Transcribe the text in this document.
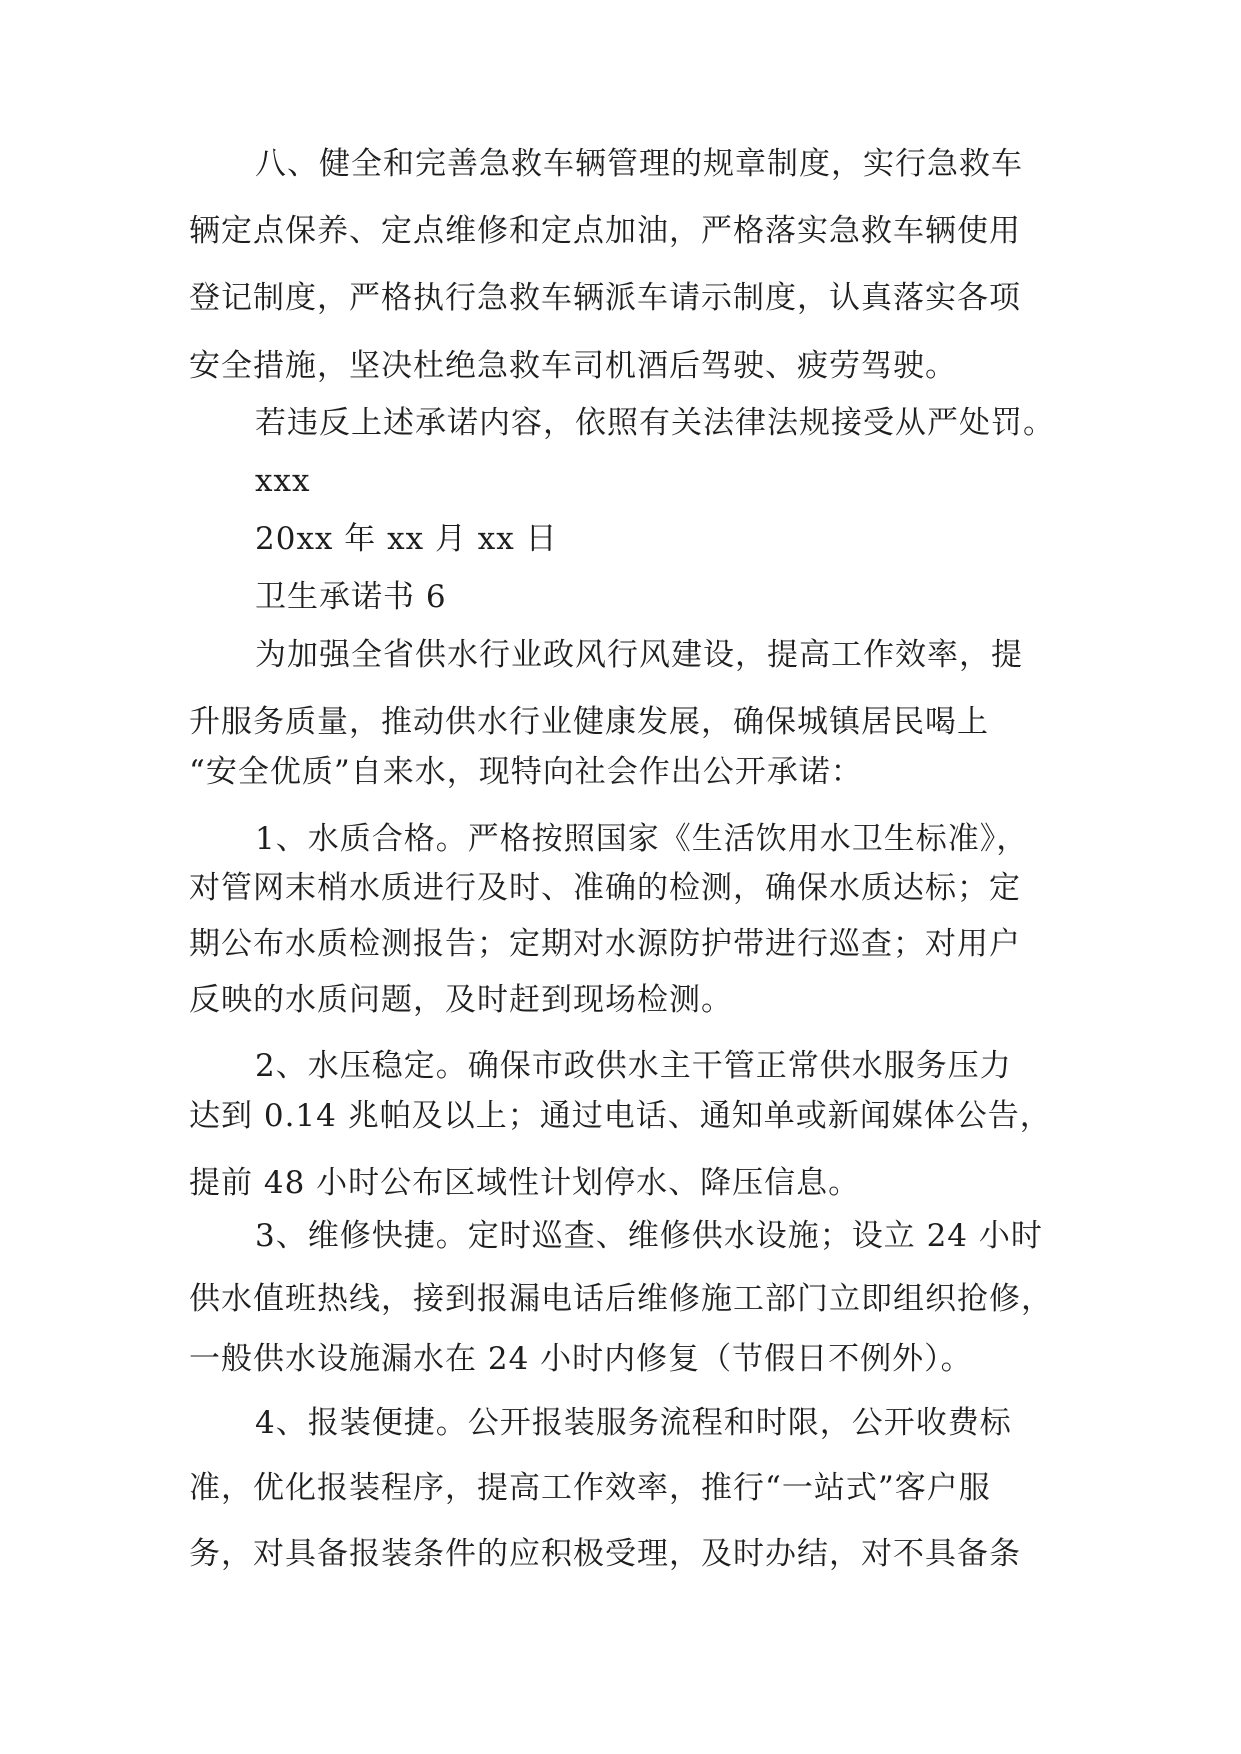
八、健全和完善急救车辆管理的规章制度，实行急救车
辆定点保养、定点维修和定点加油，严格落实急救车辆使用
登记制度，严格执行急救车辆派车请示制度，认真落实各项
安全措施，坚决杜绝急救车司机酒后驾驶、疲劳驾驶。
若违反上述承诺内容，依照有关法律法规接受从严处罚。
xxx
20xx 年 xx 月 xx 日
卫生承诺书 6
为加强全省供水行业政风行风建设，提高工作效率，提
升服务质量，推动供水行业健康发展，确保城镇居民喝上
“安全优质”自来水，现特向社会作出公开承诺：
1、水质合格。严格按照国家《生活饮用水卫生标准》，
对管网末梢水质进行及时、准确的检测，确保水质达标；定
期公布水质检测报告；定期对水源防护带进行巡查；对用户
反映的水质问题，及时赶到现场检测。
2、水压稳定。确保市政供水主干管正常供水服务压力
达到 0.14 兆帕及以上；通过电话、通知单或新闻媒体公告，
提前 48 小时公布区域性计划停水、降压信息。
3、维修快捷。定时巡查、维修供水设施；设立 24 小时
供水值班热线，接到报漏电话后维修施工部门立即组织抢修，
一般供水设施漏水在 24 小时内修复（节假日不例外）。
4、报装便捷。公开报装服务流程和时限，公开收费标
准，优化报装程序，提高工作效率，推行“一站式”客户服
务，对具备报装条件的应积极受理，及时办结，对不具备条
